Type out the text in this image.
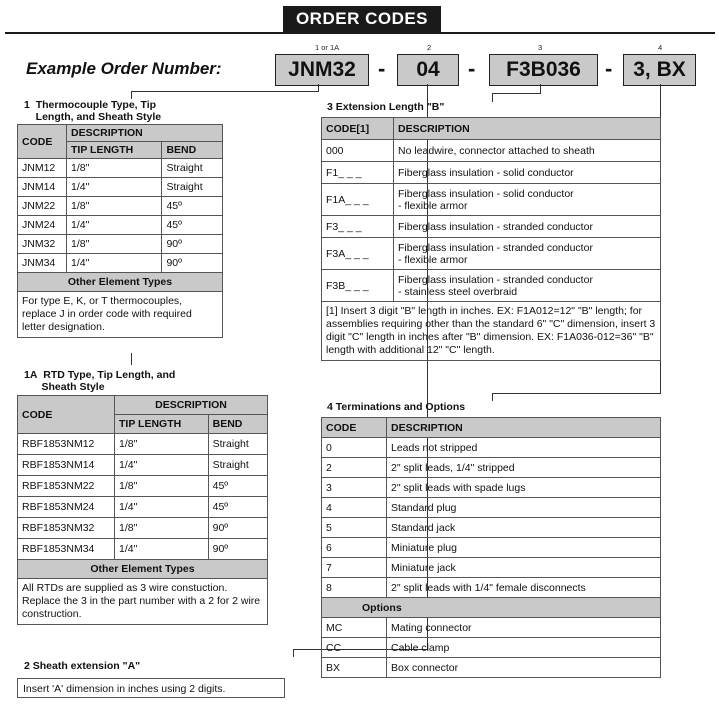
ORDER CODES
Example Order Number:
1 or 1A	2	3	4
JNM32	-	04	-	F3B036	- 3, BX
1 Thermocouple Type, Tip
Length, and Sheath Style
CODE	DESCRIPTION	
	TIP LENGTH	BEND
JNM12	1/8"	Straight
JNM14	1/4"	Straight
JNM22	1/8"	45º
JNM24	1/4"	45º
JNM32	1/8"	90º
JNM34	1/4"	90º
Other Element Types		
For type E, K, or T thermocouples, replace J in order code with required letter designation.		
1A RTD Type, Tip Length, and
Sheath Style
CODE	DESCRIPTION	
	TIP LENGTH	BEND
RBF1853NM12	1/8"	Straight
RBF1853NM14	1/4"	Straight
RBF1853NM22	1/8"	45º
RBF1853NM24	1/4"	45º
RBF1853NM32	1/8"	90º
RBF1853NM34	1/4"	90º
Other Element Types		
All RTDs are supplied as 3 wire constuction. Replace the 3 in the part number with a 2 for 2 wire construction.		
2 Sheath extension "A"
Insert 'A' dimension in inches using 2 digits.
3 Extension Length "B"
CODE[1]	DESCRIPTION
000	No leadwire, connector attached to sheath
F1_ _ _	Fiberglass insulation - solid conductor
F1A_ _ _	Fiberglass insulation - solid conductor
- flexible armor
F3_ _ _	Fiberglass insulation - stranded conductor
F3A_ _ _	Fiberglass insulation - stranded conductor
- flexible armor
F3B_ _ _	Fiberglass insulation - stranded conductor
- stainless steel overbraid
[1] Insert 3 digit "B" length in inches. EX: F1A012=12" "B" length; for assemblies requiring other than the standard 6" "C" dimension, insert 3 digit "C" length in inches after "B" dimension. EX: F1A036-012=36" "B" length with additional 12" "C" length.	
4 Terminations and Options
CODE	DESCRIPTION
0	Leads not stripped
2	2" split leads, 1/4" stripped
3	2" split leads with spade lugs
4	Standard plug
5	Standard jack
6	Miniature plug
7	Miniature jack
8	2" split leads with 1/4" female disconnects
Options	
MC	Mating connector
CC	Cable clamp
BX	Box connector
